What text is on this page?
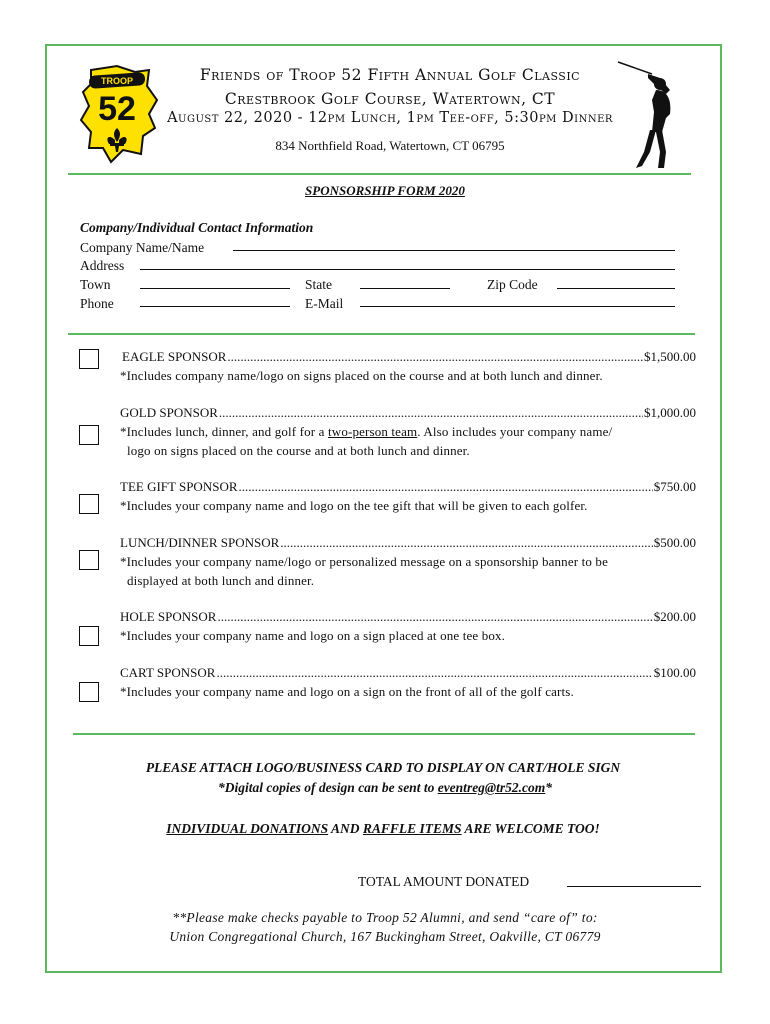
TROOP
52
Friends of Troop 52 Fifth Annual Golf Classic
Crestbrook Golf Course, Watertown, CT
August 22, 2020 - 12pm Lunch, 1pm Tee-off, 5:30pm Dinner
834 Northfield Road, Watertown, CT 06795
SPONSORSHIP FORM 2020
Company/Individual Contact Information
Company Name/Name
Address
Town	State	Zip Code
Phone	E-Mail
EAGLE SPONSOR .....	$1,500.00
*Includes company name/logo on signs placed on the course and at both lunch and dinner.
GOLD SPONSOR .....	$1,000.00
*Includes lunch, dinner, and golf for a two-person team. Also includes your company name/
logo on signs placed on the course and at both lunch and dinner.
TEE GIFT SPONSOR .....	$750.00
*Includes your company name and logo on the tee gift that will be given to each golfer.
LUNCH/DINNER SPONSOR .....	$500.00
*Includes your company name/logo or personalized message on a sponsorship banner to be
displayed at both lunch and dinner.
HOLE SPONSOR .....	$200.00
*Includes your company name and logo on a sign placed at one tee box.
CART SPONSOR .....	$100.00
*Includes your company name and logo on a sign on the front of all of the golf carts.
PLEASE ATTACH LOGO/BUSINESS CARD TO DISPLAY ON CART/HOLE SIGN
*Digital copies of design can be sent to eventreg@tr52.com*
INDIVIDUAL DONATIONS AND RAFFLE ITEMS ARE WELCOME TOO!
TOTAL AMOUNT DONATED
**Please make checks payable to Troop 52 Alumni, and send “care of” to:
Union Congregational Church, 167 Buckingham Street, Oakville, CT 06779
